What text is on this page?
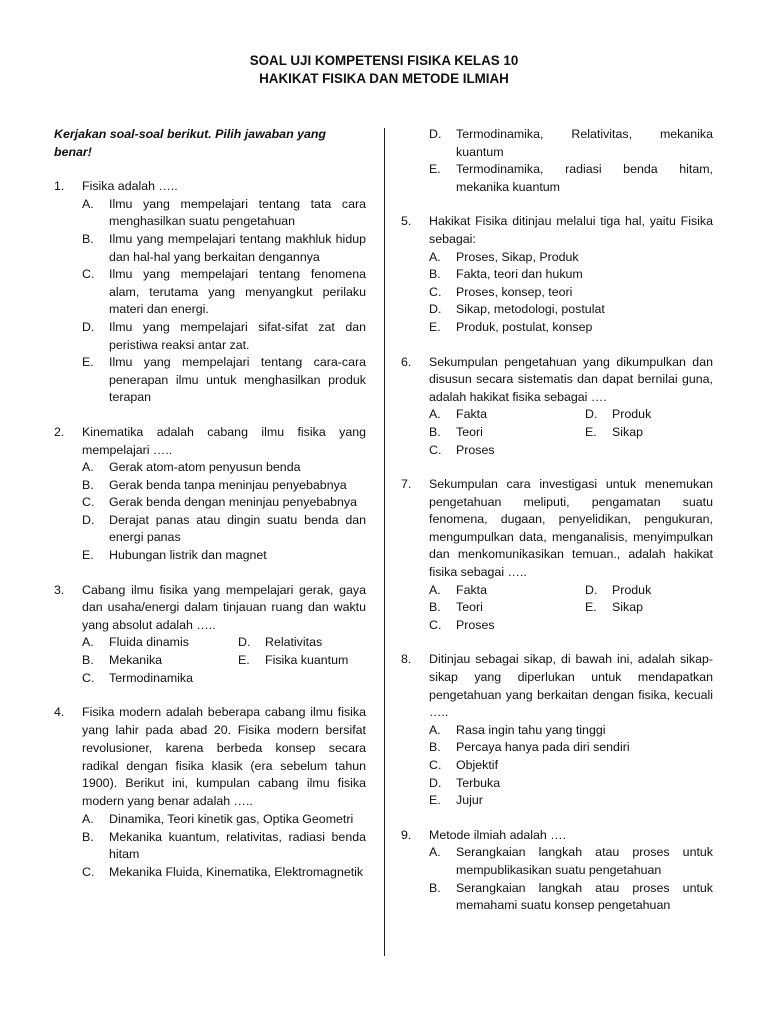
SOAL UJI KOMPETENSI FISIKA KELAS 10
HAKIKAT FISIKA DAN METODE ILMIAH
Kerjakan soal-soal berikut. Pilih jawaban yang benar!
1.	Fisika adalah …..
A.	Ilmu yang mempelajari tentang tata cara menghasilkan suatu pengetahuan
B.	Ilmu yang mempelajari tentang makhluk hidup dan hal-hal yang berkaitan dengannya
C.	Ilmu yang mempelajari tentang fenomena alam, terutama yang menyangkut perilaku materi dan energi.
D.	Ilmu yang mempelajari sifat-sifat zat dan peristiwa reaksi antar zat.
E.	Ilmu yang mempelajari tentang cara-cara penerapan ilmu untuk menghasilkan produk terapan
2.	Kinematika adalah cabang ilmu fisika yang mempelajari …..
A.	Gerak atom-atom penyusun benda
B.	Gerak benda tanpa meninjau penyebabnya
C.	Gerak benda dengan meninjau penyebabnya
D.	Derajat panas atau dingin suatu benda dan energi panas
E.	Hubungan listrik dan magnet
3.	Cabang ilmu fisika yang mempelajari gerak, gaya dan usaha/energi dalam tinjauan ruang dan waktu yang absolut adalah …..
A.	Fluida dinamis	D.	Relativitas
B.	Mekanika	E.	Fisika kuantum
C.	Termodinamika
4.	Fisika modern adalah beberapa cabang ilmu fisika yang lahir pada abad 20. Fisika modern bersifat revolusioner, karena berbeda konsep secara radikal dengan fisika klasik (era sebelum tahun 1900). Berikut ini, kumpulan cabang ilmu fisika modern yang benar adalah …..
A.	Dinamika, Teori kinetik gas, Optika Geometri
B.	Mekanika kuantum, relativitas, radiasi benda hitam
C.	Mekanika Fluida, Kinematika, Elektromagnetik
D.	Termodinamika, Relativitas, mekanika kuantum
E.	Termodinamika, radiasi benda hitam, mekanika kuantum
5.	Hakikat Fisika ditinjau melalui tiga hal, yaitu Fisika sebagai:
A.	Proses, Sikap, Produk
B.	Fakta, teori dan hukum
C.	Proses, konsep, teori
D.	Sikap, metodologi, postulat
E.	Produk, postulat, konsep
6.	Sekumpulan pengetahuan yang dikumpulkan dan disusun secara sistematis dan dapat bernilai guna, adalah hakikat fisika sebagai ….
A.	Fakta	D.	Produk
B.	Teori	E.	Sikap
C.	Proses
7.	Sekumpulan cara investigasi untuk menemukan pengetahuan meliputi, pengamatan suatu fenomena, dugaan, penyelidikan, pengukuran, mengumpulkan data, menganalisis, menyimpulkan dan menkomunikasikan temuan., adalah hakikat fisika sebagai …..
A.	Fakta	D.	Produk
B.	Teori	E.	Sikap
C.	Proses
8.	Ditinjau sebagai sikap, di bawah ini, adalah sikap-sikap yang diperlukan untuk mendapatkan pengetahuan yang berkaitan dengan fisika, kecuali …..
A.	Rasa ingin tahu yang tinggi
B.	Percaya hanya pada diri sendiri
C.	Objektif
D.	Terbuka
E.	Jujur
9.	Metode ilmiah adalah ….
A.	Serangkaian langkah atau proses untuk mempublikasikan suatu pengetahuan
B.	Serangkaian langkah atau proses untuk memahami suatu konsep pengetahuan
